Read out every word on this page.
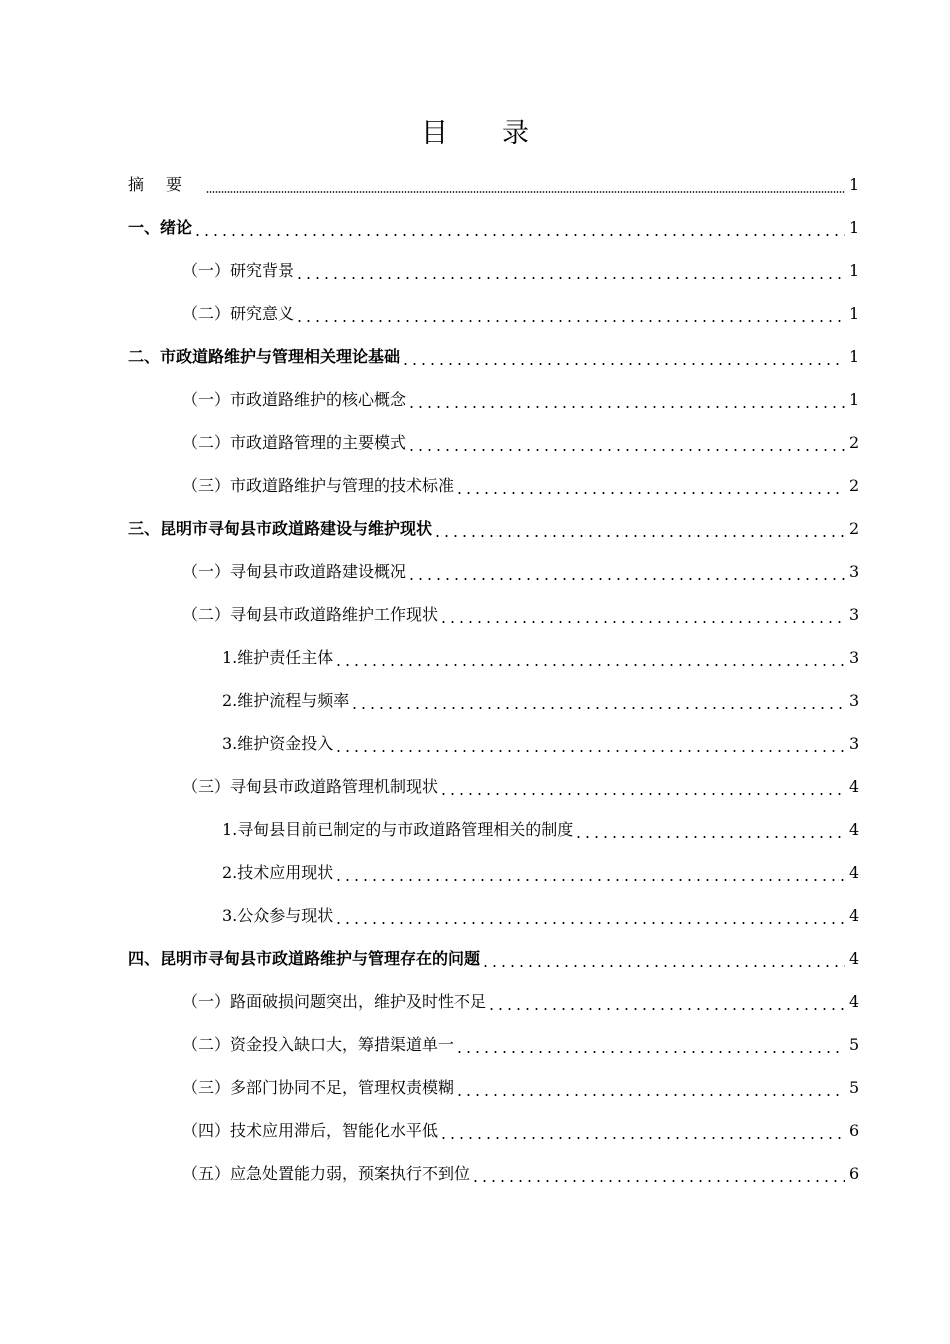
目录
摘要	1
一、绪论	1
（一）研究背景	1
（二）研究意义	1
二、市政道路维护与管理相关理论基础	1
（一）市政道路维护的核心概念	1
（二）市政道路管理的主要模式	2
（三）市政道路维护与管理的技术标准	2
三、昆明市寻甸县市政道路建设与维护现状	2
（一）寻甸县市政道路建设概况	3
（二）寻甸县市政道路维护工作现状	3
1.维护责任主体	3
2.维护流程与频率	3
3.维护资金投入	3
（三）寻甸县市政道路管理机制现状	4
1.寻甸县目前已制定的与市政道路管理相关的制度	4
2.技术应用现状	4
3.公众参与现状	4
四、昆明市寻甸县市政道路维护与管理存在的问题	4
（一）路面破损问题突出，维护及时性不足	4
（二）资金投入缺口大，筹措渠道单一	5
（三）多部门协同不足，管理权责模糊	5
（四）技术应用滞后，智能化水平低	6
（五）应急处置能力弱，预案执行不到位	6
